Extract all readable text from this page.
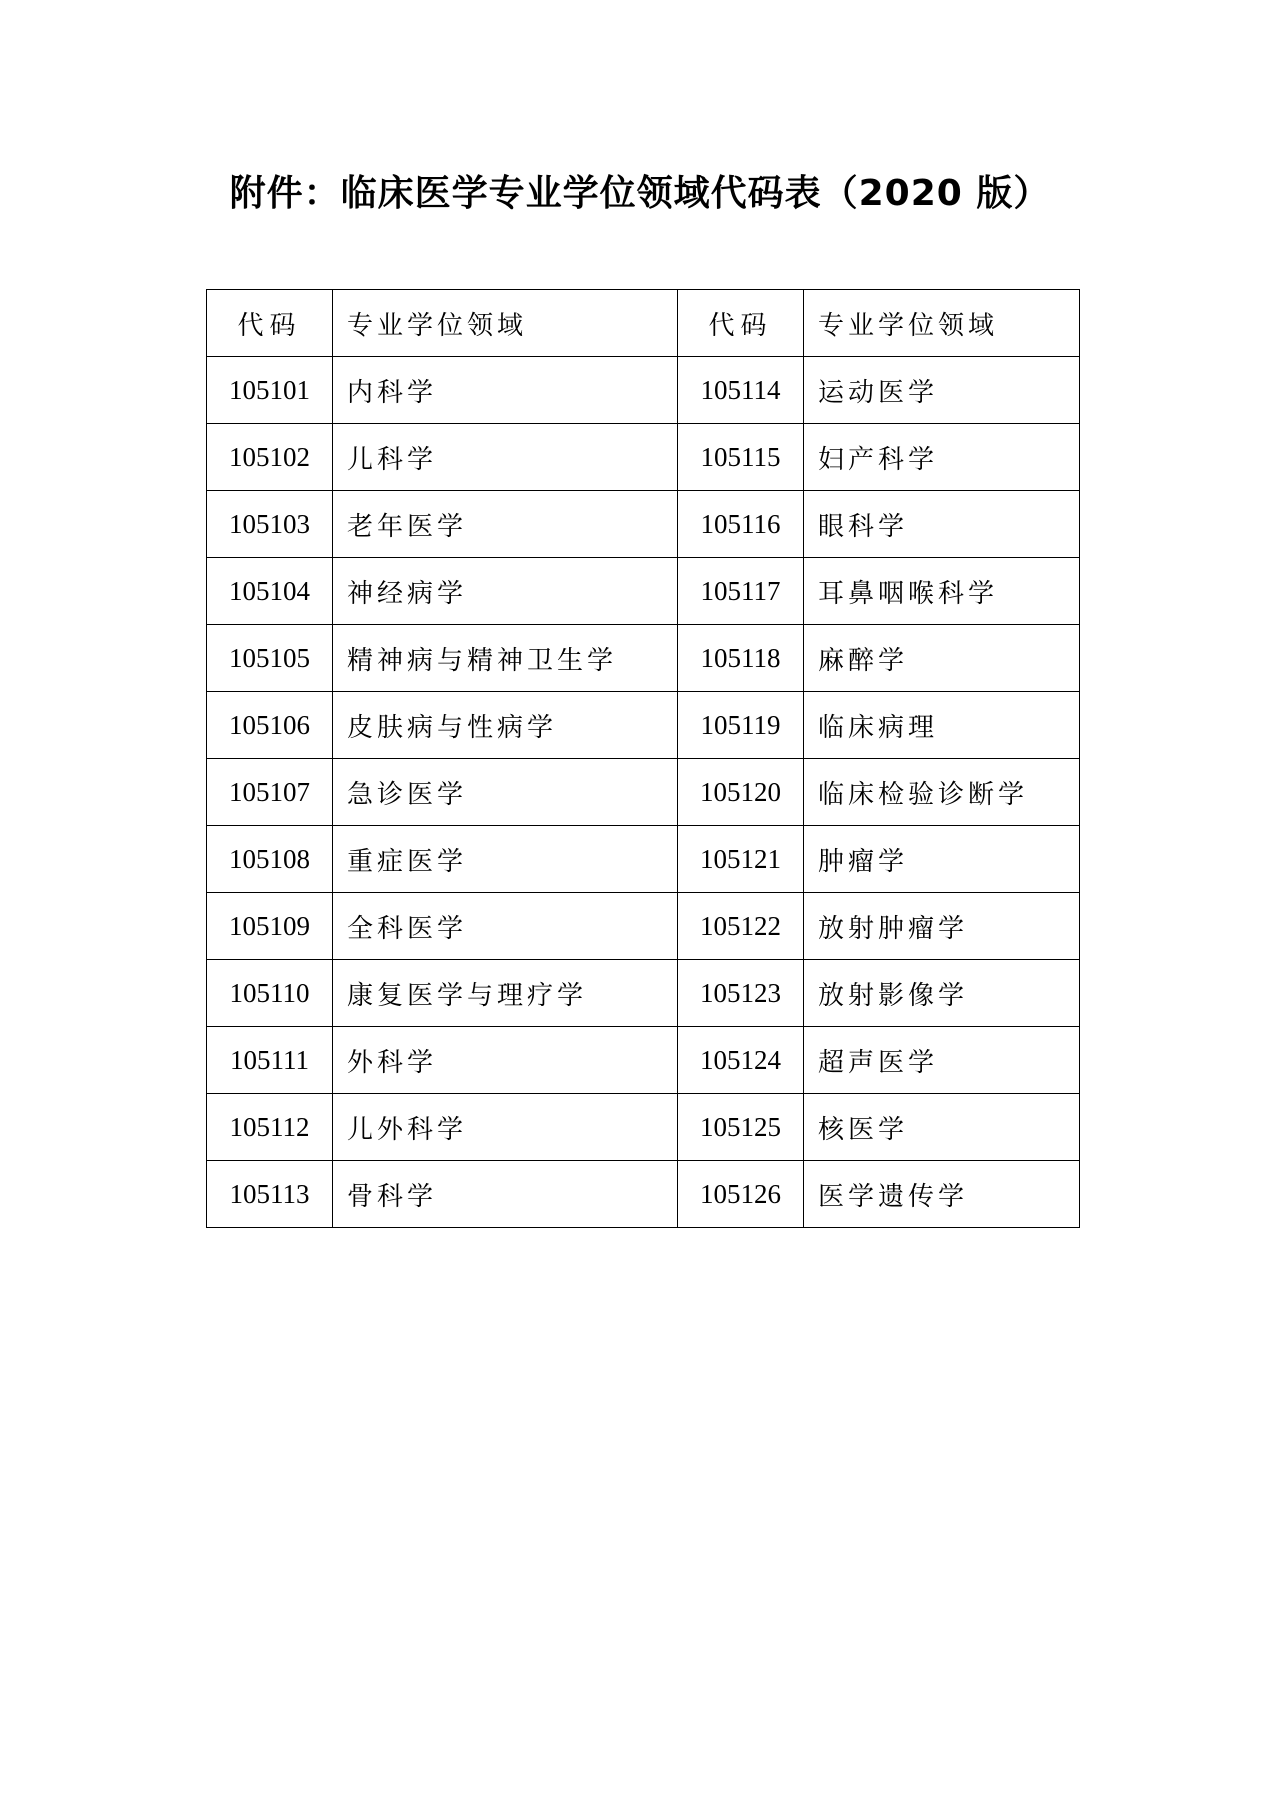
附件：临床医学专业学位领域代码表（2020 版）
代码	专业学位领域	代码	专业学位领域
105101	内科学	105114	运动医学
105102	儿科学	105115	妇产科学
105103	老年医学	105116	眼科学
105104	神经病学	105117	耳鼻咽喉科学
105105	精神病与精神卫生学	105118	麻醉学
105106	皮肤病与性病学	105119	临床病理
105107	急诊医学	105120	临床检验诊断学
105108	重症医学	105121	肿瘤学
105109	全科医学	105122	放射肿瘤学
105110	康复医学与理疗学	105123	放射影像学
105111	外科学	105124	超声医学
105112	儿外科学	105125	核医学
105113	骨科学	105126	医学遗传学
